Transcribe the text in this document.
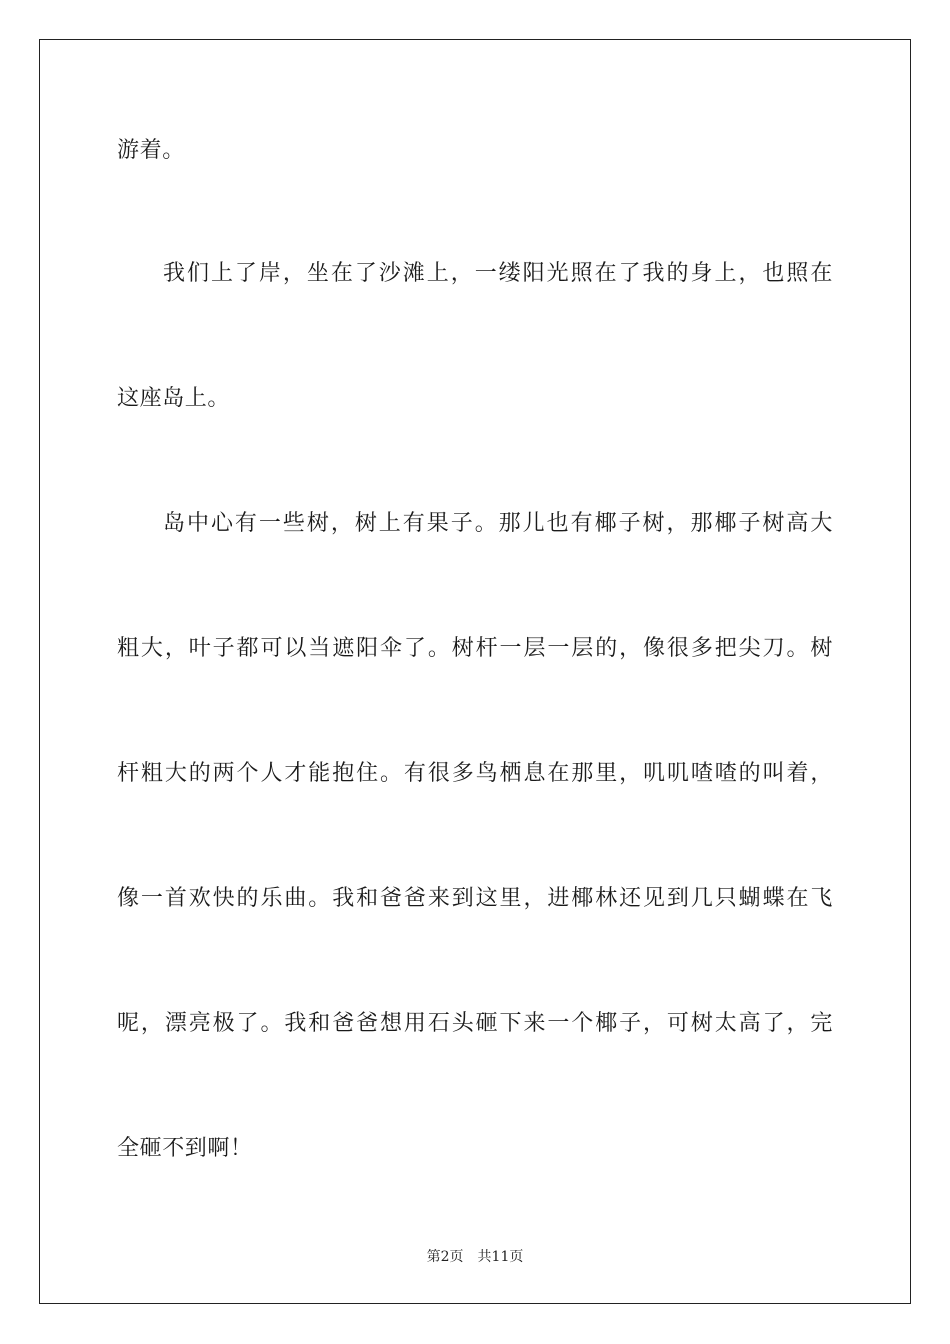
游着。
我们上了岸，坐在了沙滩上，一缕阳光照在了我的身上，也照在
这座岛上。
岛中心有一些树，树上有果子。那儿也有椰子树，那椰子树高大
粗大，叶子都可以当遮阳伞了。树杆一层一层的，像很多把尖刀。树
杆粗大的两个人才能抱住。有很多鸟栖息在那里，叽叽喳喳的叫着，
像一首欢快的乐曲。我和爸爸来到这里，进椰林还见到几只蝴蝶在飞
呢，漂亮极了。我和爸爸想用石头砸下来一个椰子，可树太高了，完
全砸不到啊！
第2页 共11页
